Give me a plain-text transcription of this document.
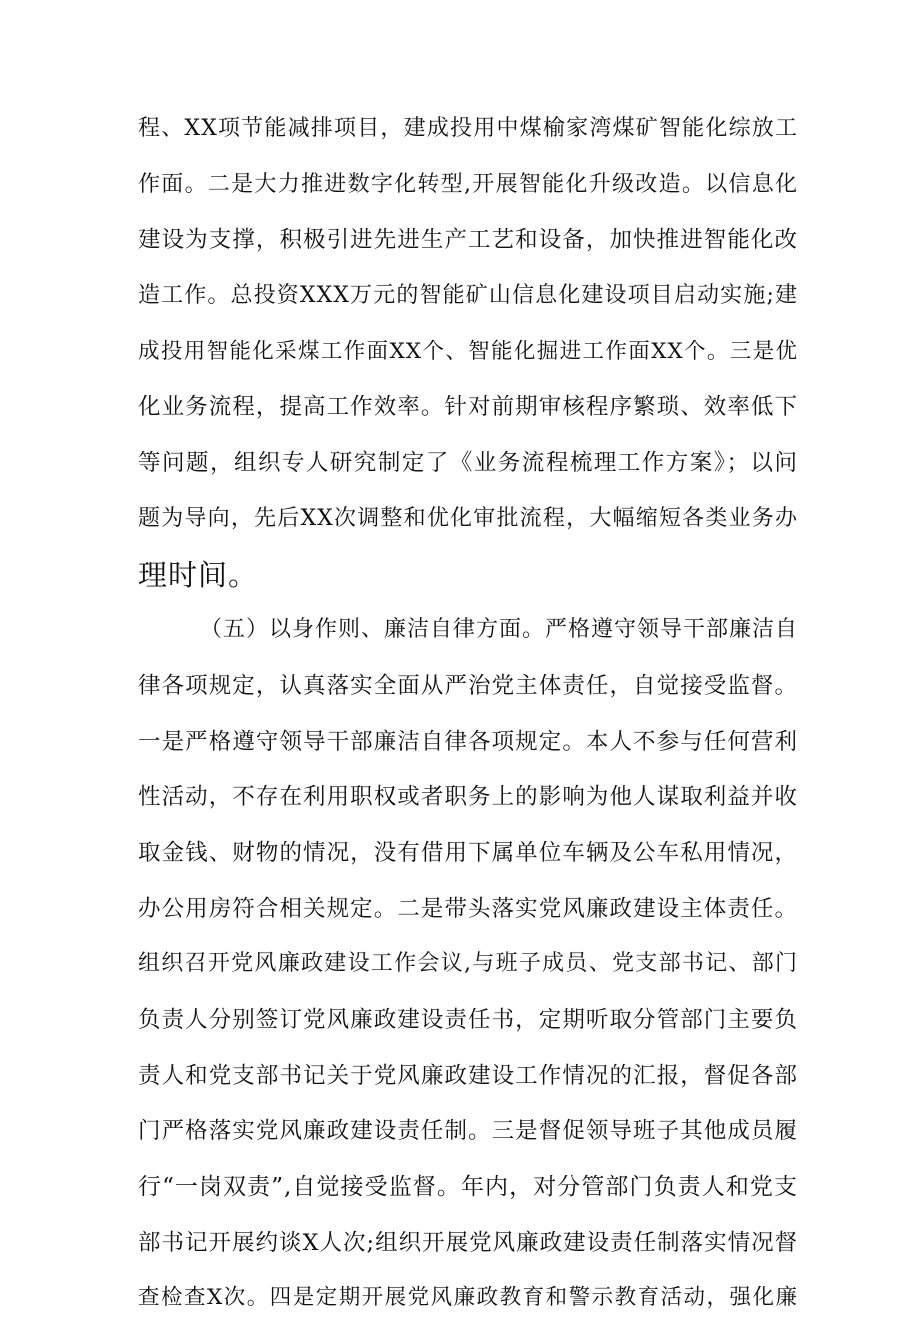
程、XX项节能减排项目，建成投用中煤榆家湾煤矿智能化综放工
作面。二是大力推进数字化转型,开展智能化升级改造。以信息化
建设为支撑，积极引进先进生产工艺和设备，加快推进智能化改
造工作。总投资XXX万元的智能矿山信息化建设项目启动实施;建
成投用智能化采煤工作面XX个、智能化掘进工作面XX个。三是优
化业务流程，提高工作效率。针对前期审核程序繁琐、效率低下
等问题，组织专人研究制定了《业务流程梳理工作方案》；以问
题为导向，先后XX次调整和优化审批流程，大幅缩短各类业务办
理时间。
（五）以身作则、廉洁自律方面。严格遵守领导干部廉洁自
律各项规定，认真落实全面从严治党主体责任，自觉接受监督。
一是严格遵守领导干部廉洁自律各项规定。本人不参与任何营利
性活动，不存在利用职权或者职务上的影响为他人谋取利益并收
取金钱、财物的情况，没有借用下属单位车辆及公车私用情况，
办公用房符合相关规定。二是带头落实党风廉政建设主体责任。
组织召开党风廉政建设工作会议,与班子成员、党支部书记、部门
负责人分别签订党风廉政建设责任书，定期听取分管部门主要负
责人和党支部书记关于党风廉政建设工作情况的汇报，督促各部
门严格落实党风廉政建设责任制。三是督促领导班子其他成员履
行“一岗双责”,自觉接受监督。年内，对分管部门负责人和党支
部书记开展约谈X人次;组织开展党风廉政建设责任制落实情况督
查检查X次。四是定期开展党风廉政教育和警示教育活动，强化廉
